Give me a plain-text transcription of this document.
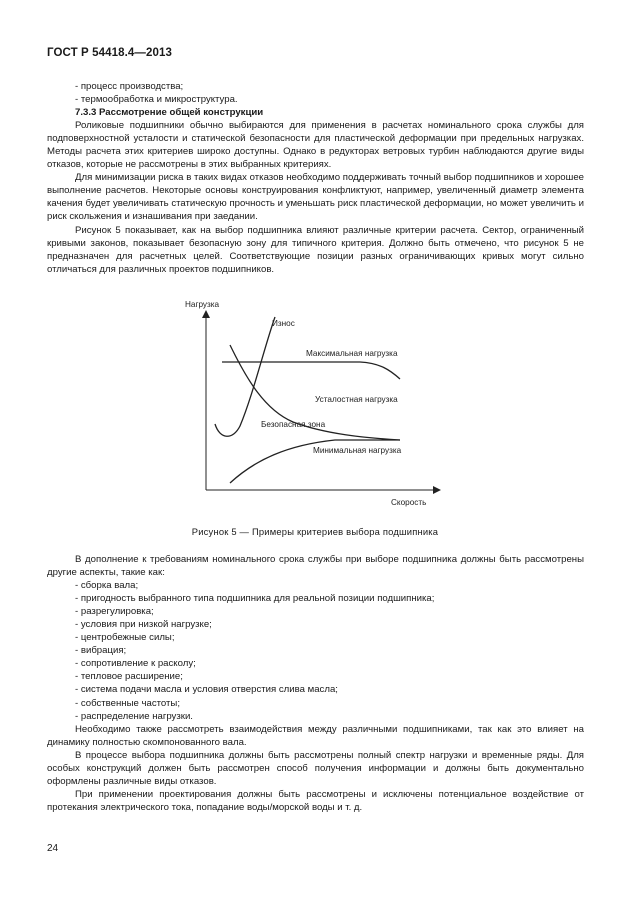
ГОСТ Р 54418.4—2013

- процесс производства;

- термообработка и микроструктура.

7.3.3 Рассмотрение общей конструкции

Роликовые подшипники обычно выбираются для применения в расчетах номинального срока службы для подповерхностной усталости и статической безопасности для пластической деформации при предельных нагрузках. Методы расчета этих критериев широко доступны. Однако в редукторах ветровых турбин наблюдаются другие виды отказов, которые не рассмотрены в этих выбранных критериях.

Для минимизации риска в таких видах отказов необходимо поддерживать точный выбор подшипников и хорошее выполнение расчетов. Некоторые основы конструирования конфликтуют, например, увеличенный диаметр элемента качения будет увеличивать статическую прочность и уменьшать риск пластической деформации, но может увеличить и риск скольжения и изнашивания при заедании.

Рисунок 5 показывает, как на выбор подшипника влияют различные критерии расчета. Сектор, ограниченный кривыми законов, показывает безопасную зону для типичного критерия. Должно быть отмечено, что рисунок 5 не предназначен для расчетных целей. Соответствующие позиции разных ограничивающих кривых могут сильно отличаться для различных проектов подшипников.

Нагрузка
Износ
Максимальная нагрузка
Усталостная нагрузка
Безопасная зона
Минимальная нагрузка
Скорость
Рисунок 5 — Примеры критериев выбора подшипника

В дополнение к требованиям номинального срока службы при выборе подшипника должны быть рассмотрены другие аспекты, такие как:

- сборка вала;

- пригодность выбранного типа подшипника для реальной позиции подшипника;

- разрегулировка;

- условия при низкой нагрузке;

- центробежные силы;

- вибрация;

- сопротивление к расколу;

- тепловое расширение;

- система подачи масла и условия отверстия слива масла;

- собственные частоты;

- распределение нагрузки.

Необходимо также рассмотреть взаимодействия между различными подшипниками, так как это влияет на динамику полностью скомпонованного вала.

В процессе выбора подшипника должны быть рассмотрены полный спектр нагрузки и временные ряды. Для особых конструкций должен быть рассмотрен способ получения информации и должны быть документально оформлены различные виды отказов.

При применении проектирования должны быть рассмотрены и исключены потенциальное воздействие от протекания электрического тока, попадание воды/морской воды и т. д.

24
